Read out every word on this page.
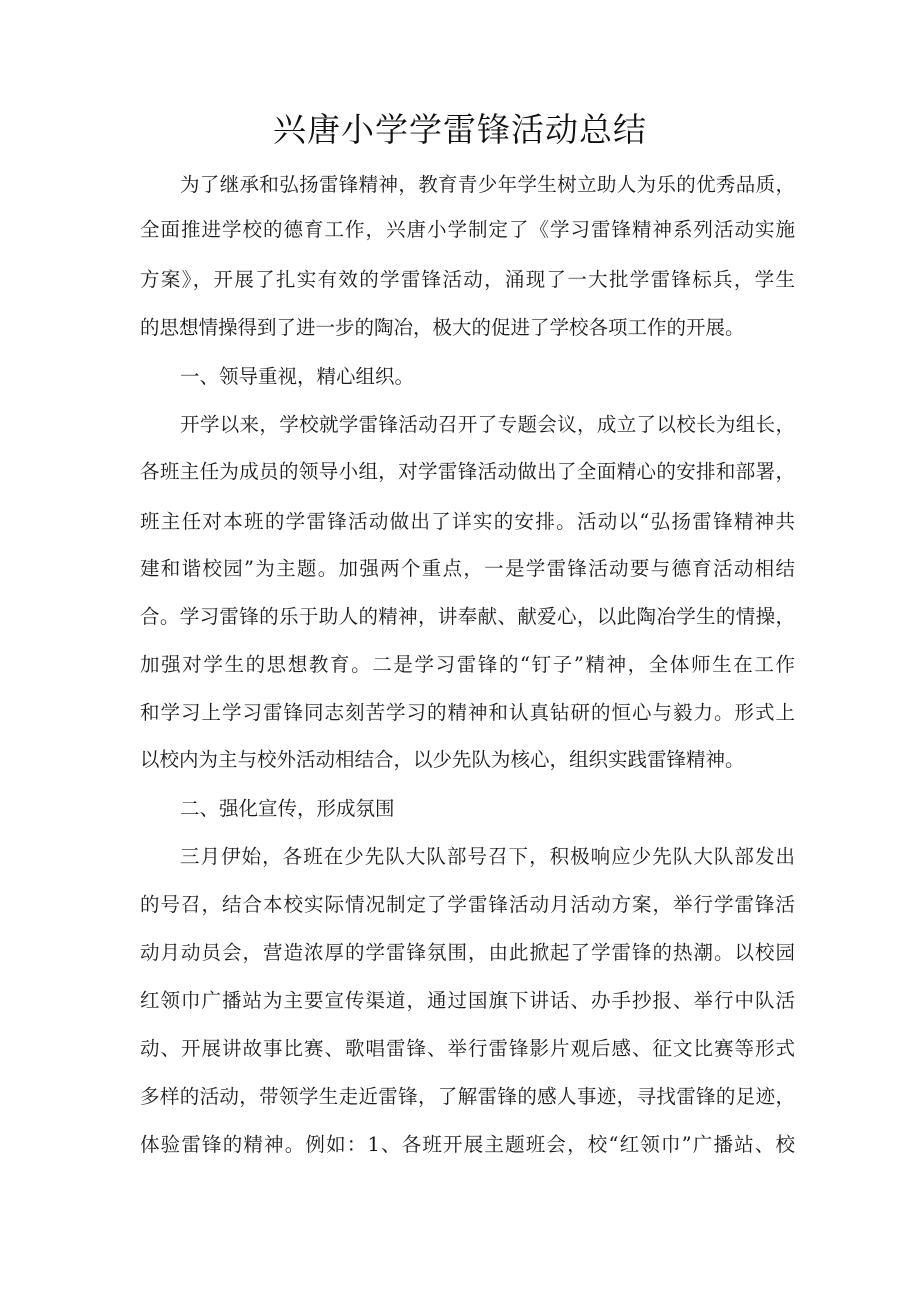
兴唐小学学雷锋活动总结
为了继承和弘扬雷锋精神，教育青少年学生树立助人为乐的优秀品质，
全面推进学校的德育工作，兴唐小学制定了《学习雷锋精神系列活动实施
方案》，开展了扎实有效的学雷锋活动，涌现了一大批学雷锋标兵，学生
的思想情操得到了进一步的陶冶，极大的促进了学校各项工作的开展。
一、领导重视，精心组织。
开学以来，学校就学雷锋活动召开了专题会议，成立了以校长为组长，
各班主任为成员的领导小组，对学雷锋活动做出了全面精心的安排和部署，
班主任对本班的学雷锋活动做出了详实的安排。活动以“弘扬雷锋精神共
建和谐校园”为主题。加强两个重点，一是学雷锋活动要与德育活动相结
合。学习雷锋的乐于助人的精神，讲奉献、献爱心，以此陶冶学生的情操，
加强对学生的思想教育。二是学习雷锋的“钉子”精神，全体师生在工作
和学习上学习雷锋同志刻苦学习的精神和认真钻研的恒心与毅力。形式上
以校内为主与校外活动相结合，以少先队为核心，组织实践雷锋精神。
二、强化宣传，形成氛围
三月伊始，各班在少先队大队部号召下，积极响应少先队大队部发出
的号召，结合本校实际情况制定了学雷锋活动月活动方案，举行学雷锋活
动月动员会，营造浓厚的学雷锋氛围，由此掀起了学雷锋的热潮。以校园
红领巾广播站为主要宣传渠道，通过国旗下讲话、办手抄报、举行中队活
动、开展讲故事比赛、歌唱雷锋、举行雷锋影片观后感、征文比赛等形式
多样的活动，带领学生走近雷锋，了解雷锋的感人事迹，寻找雷锋的足迹，
体验雷锋的精神。例如：1、各班开展主题班会，校“红领巾”广播站、校
